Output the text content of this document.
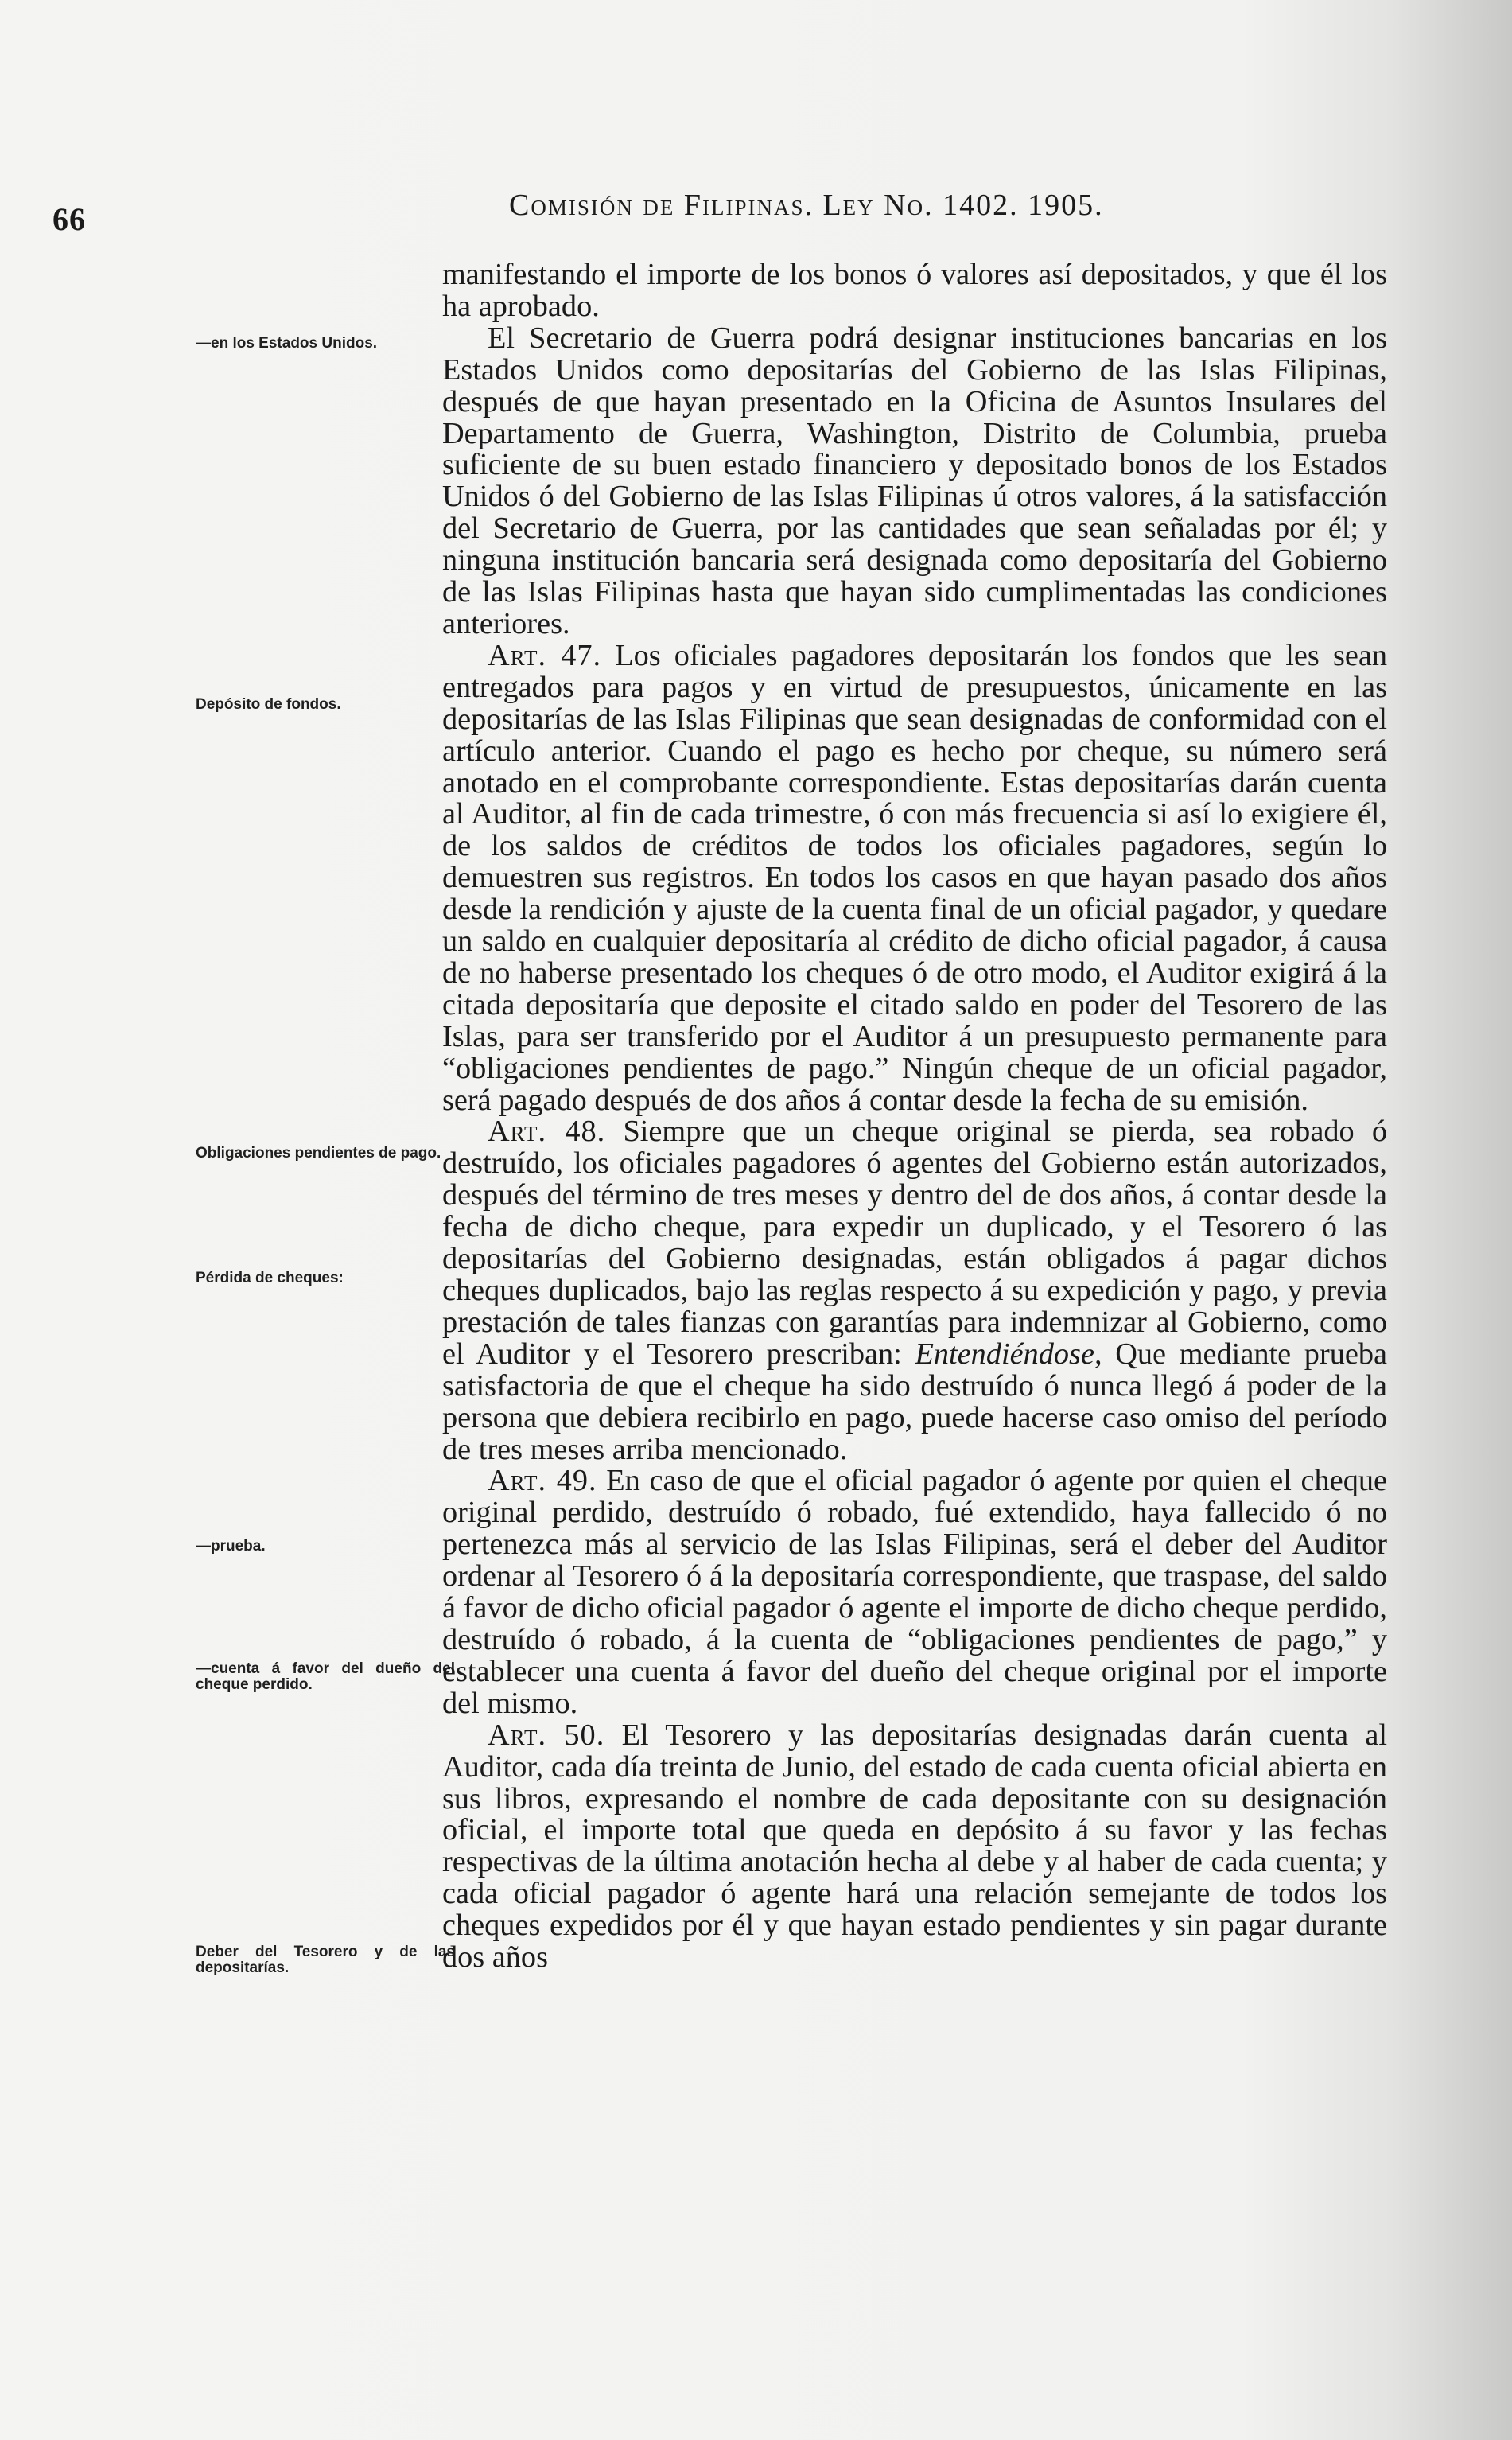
66	Comisión de Filipinas. Ley No. 1402. 1905.
—en los Estados Unidos.
Depósito de fondos.
Obligaciones pendientes de pago.
Pérdida de cheques:
—prueba.
—cuenta á favor del dueño del cheque perdido.
Deber del Tesorero y de las depositarías.

manifestando el importe de los bonos ó valores así depositados, y que él los ha aprobado.

El Secretario de Guerra podrá designar instituciones bancarias en los Estados Unidos como depositarías del Gobierno de las Islas Filipinas, después de que hayan presentado en la Oficina de Asuntos Insulares del Departamento de Guerra, Washington, Distrito de Columbia, prueba suficiente de su buen estado financiero y depositado bonos de los Estados Unidos ó del Gobierno de las Islas Filipinas ú otros valores, á la satisfacción del Secretario de Guerra, por las cantidades que sean señaladas por él; y ninguna institución bancaria será designada como depositaría del Gobierno de las Islas Filipinas hasta que hayan sido cumplimentadas las condiciones anteriores.

Art. 47. Los oficiales pagadores depositarán los fondos que les sean entregados para pagos y en virtud de presupuestos, únicamente en las depositarías de las Islas Filipinas que sean designadas de conformidad con el artículo anterior. Cuando el pago es hecho por cheque, su número será anotado en el comprobante correspondiente. Estas depositarías darán cuenta al Auditor, al fin de cada trimestre, ó con más frecuencia si así lo exigiere él, de los saldos de créditos de todos los oficiales pagadores, según lo demuestren sus registros. En todos los casos en que hayan pasado dos años desde la rendición y ajuste de la cuenta final de un oficial pagador, y quedare un saldo en cualquier depositaría al crédito de dicho oficial pagador, á causa de no haberse presentado los cheques ó de otro modo, el Auditor exigirá á la citada depositaría que deposite el citado saldo en poder del Tesorero de las Islas, para ser transferido por el Auditor á un presupuesto permanente para “obligaciones pendientes de pago.” Ningún cheque de un oficial pagador, será pagado después de dos años á contar desde la fecha de su emisión.

Art. 48. Siempre que un cheque original se pierda, sea robado ó destruído, los oficiales pagadores ó agentes del Gobierno están autorizados, después del término de tres meses y dentro del de dos años, á contar desde la fecha de dicho cheque, para expedir un duplicado, y el Tesorero ó las depositarías del Gobierno designadas, están obligados á pagar dichos cheques duplicados, bajo las reglas respecto á su expedición y pago, y previa prestación de tales fianzas con garantías para indemnizar al Gobierno, como el Auditor y el Tesorero prescriban: Entendiéndose, Que mediante prueba satisfactoria de que el cheque ha sido destruído ó nunca llegó á poder de la persona que debiera recibirlo en pago, puede hacerse caso omiso del período de tres meses arriba mencionado.

Art. 49. En caso de que el oficial pagador ó agente por quien el cheque original perdido, destruído ó robado, fué extendido, haya fallecido ó no pertenezca más al servicio de las Islas Filipinas, será el deber del Auditor ordenar al Tesorero ó á la depositaría correspondiente, que traspase, del saldo á favor de dicho oficial pagador ó agente el importe de dicho cheque perdido, destruído ó robado, á la cuenta de “obligaciones pendientes de pago,” y establecer una cuenta á favor del dueño del cheque original por el importe del mismo.

Art. 50. El Tesorero y las depositarías designadas darán cuenta al Auditor, cada día treinta de Junio, del estado de cada cuenta oficial abierta en sus libros, expresando el nombre de cada depositante con su designación oficial, el importe total que queda en depósito á su favor y las fechas respectivas de la última anotación hecha al debe y al haber de cada cuenta; y cada oficial pagador ó agente hará una relación semejante de todos los cheques expedidos por él y que hayan estado pendientes y sin pagar durante dos años
